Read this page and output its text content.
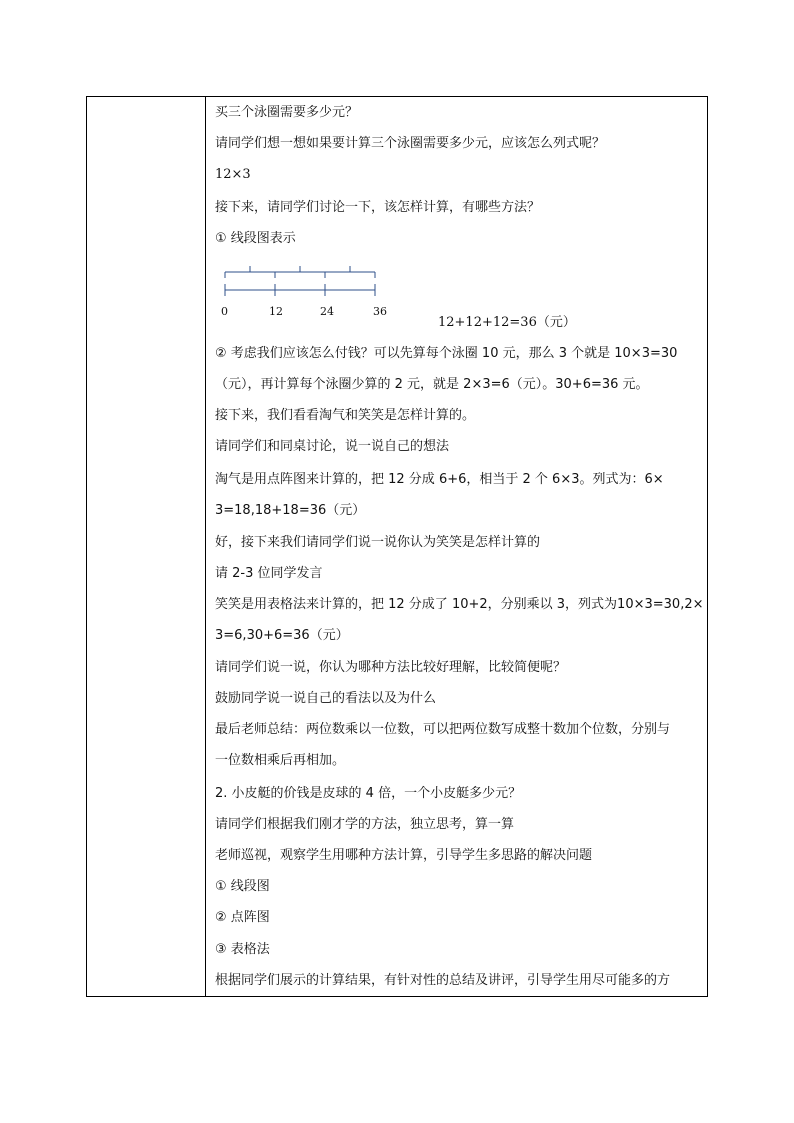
买三个泳圈需要多少元？
请同学们想一想如果要计算三个泳圈需要多少元，应该怎么列式呢？
12×3
接下来，请同学们讨论一下，该怎样计算，有哪些方法？
① 线段图表示
0	12	24	36
12+12+12=36（元）
② 考虑我们应该怎么付钱？可以先算每个泳圈 10 元，那么 3 个就是 10×3=30
（元），再计算每个泳圈少算的 2 元，就是 2×3=6（元）。30+6=36 元。
接下来，我们看看淘气和笑笑是怎样计算的。
请同学们和同桌讨论，说一说自己的想法
淘气是用点阵图来计算的，把 12 分成 6+6，相当于 2 个 6×3。列式为：6×
3=18,18+18=36（元）
好，接下来我们请同学们说一说你认为笑笑是怎样计算的
请 2-3 位同学发言
笑笑是用表格法来计算的，把 12 分成了 10+2，分别乘以 3，列式为10×3=30,2×
3=6,30+6=36（元）
请同学们说一说，你认为哪种方法比较好理解，比较简便呢？
鼓励同学说一说自己的看法以及为什么
最后老师总结：两位数乘以一位数，可以把两位数写成整十数加个位数，分别与
一位数相乘后再相加。
2. 小皮艇的价钱是皮球的 4 倍，一个小皮艇多少元？
请同学们根据我们刚才学的方法，独立思考，算一算
老师巡视，观察学生用哪种方法计算，引导学生多思路的解决问题
① 线段图
② 点阵图
③ 表格法
根据同学们展示的计算结果，有针对性的总结及讲评，引导学生用尽可能多的方
